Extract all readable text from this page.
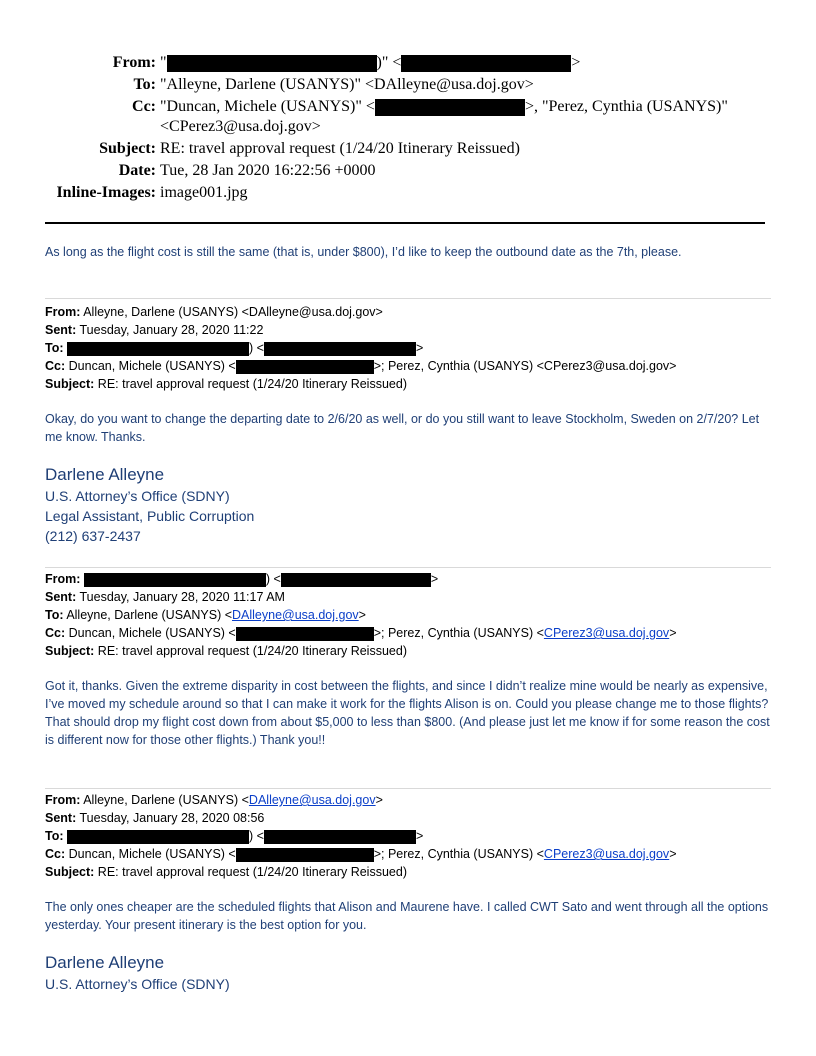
From: "	)" <	>
To: "Alleyne, Darlene (USANYS)" <DAlleyne@usa.doj.gov>
Cc: "Duncan, Michele (USANYS)" <	>, "Perez, Cynthia (USANYS)"
<CPerez3@usa.doj.gov>
Subject: RE: travel approval request (1/24/20 Itinerary Reissued)
Date: Tue, 28 Jan 2020 16:22:56 +0000
Inline-Images: image001.jpg
As long as the flight cost is still the same (that is, under $800), I’d like to keep the outbound date as the 7th, please.
From: Alleyne, Darlene (USANYS) <DAlleyne@usa.doj.gov>
Sent: Tuesday, January 28, 2020 11:22
To:	) <	>
Cc: Duncan, Michele (USANYS) <	>; Perez, Cynthia (USANYS) <CPerez3@usa.doj.gov>
Subject: RE: travel approval request (1/24/20 Itinerary Reissued)
Okay, do you want to change the departing date to 2/6/20 as well, or do you still want to leave Stockholm, Sweden on 2/7/20? Let me know. Thanks.
Darlene Alleyne
U.S. Attorney’s Office (SDNY)
Legal Assistant, Public Corruption
(212) 637-2437
From:	) <	>
Sent: Tuesday, January 28, 2020 11:17 AM
To: Alleyne, Darlene (USANYS) <DAlleyne@usa.doj.gov>
Cc: Duncan, Michele (USANYS) <	>; Perez, Cynthia (USANYS) <CPerez3@usa.doj.gov>
Subject: RE: travel approval request (1/24/20 Itinerary Reissued)
Got it, thanks. Given the extreme disparity in cost between the flights, and since I didn’t realize mine would be nearly as expensive, I’ve moved my schedule around so that I can make it work for the flights Alison is on. Could you please change me to those flights? That should drop my flight cost down from about $5,000 to less than $800. (And please just let me know if for some reason the cost is different now for those other flights.) Thank you!!
From: Alleyne, Darlene (USANYS) <DAlleyne@usa.doj.gov>
Sent: Tuesday, January 28, 2020 08:56
To:	) <	>
Cc: Duncan, Michele (USANYS) <	>; Perez, Cynthia (USANYS) <CPerez3@usa.doj.gov>
Subject: RE: travel approval request (1/24/20 Itinerary Reissued)
The only ones cheaper are the scheduled flights that Alison and Maurene have. I called CWT Sato and went through all the options yesterday. Your present itinerary is the best option for you.
Darlene Alleyne
U.S. Attorney’s Office (SDNY)
